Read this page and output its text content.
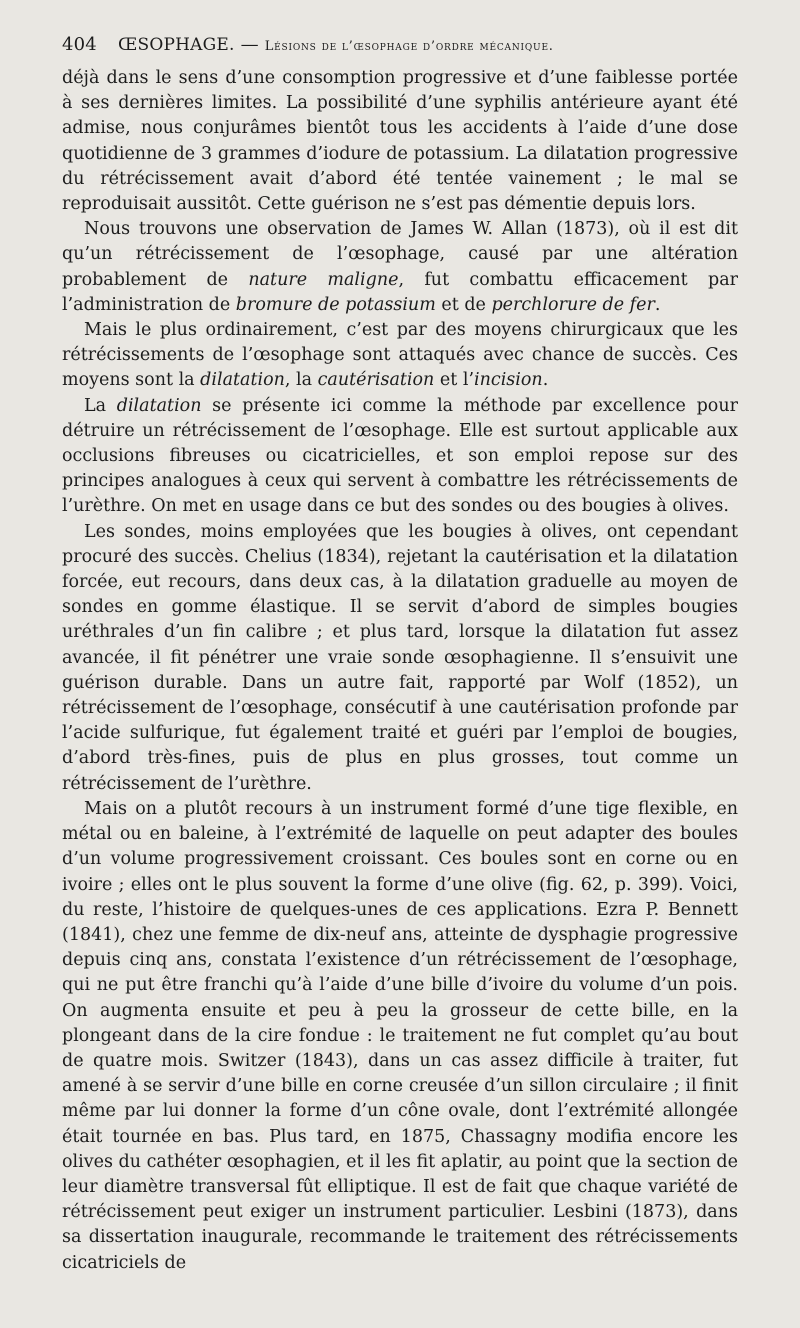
404 ŒSOPHAGE. — Lésions de l’œsophage d’ordre mécanique.

déjà dans le sens d’une consomption progressive et d’une faiblesse portée à ses dernières limites. La possibilité d’une syphilis antérieure ayant été admise, nous conjurâmes bientôt tous les accidents à l’aide d’une dose quotidienne de 3 grammes d’iodure de potassium. La dilatation progressive du rétrécissement avait d’abord été tentée vainement ; le mal se reproduisait aussitôt. Cette guérison ne s’est pas démentie depuis lors.

Nous trouvons une observation de James W. Allan (1873), où il est dit qu’un rétrécissement de l’œsophage, causé par une altération probablement de nature maligne, fut combattu efficacement par l’administration de bromure de potassium et de perchlorure de fer.

Mais le plus ordinairement, c’est par des moyens chirurgicaux que les rétrécissements de l’œsophage sont attaqués avec chance de succès. Ces moyens sont la dilatation, la cautérisation et l’incision.

La dilatation se présente ici comme la méthode par excellence pour détruire un rétrécissement de l’œsophage. Elle est surtout applicable aux occlusions fibreuses ou cicatricielles, et son emploi repose sur des principes analogues à ceux qui servent à combattre les rétrécissements de l’urèthre. On met en usage dans ce but des sondes ou des bougies à olives.

Les sondes, moins employées que les bougies à olives, ont cependant procuré des succès. Chelius (1834), rejetant la cautérisation et la dilatation forcée, eut recours, dans deux cas, à la dilatation graduelle au moyen de sondes en gomme élastique. Il se servit d’abord de simples bougies uréthrales d’un fin calibre ; et plus tard, lorsque la dilatation fut assez avancée, il fit pénétrer une vraie sonde œsophagienne. Il s’ensuivit une guérison durable. Dans un autre fait, rapporté par Wolf (1852), un rétrécissement de l’œsophage, consécutif à une cautérisation profonde par l’acide sulfurique, fut également traité et guéri par l’emploi de bougies, d’abord très-fines, puis de plus en plus grosses, tout comme un rétrécissement de l’urèthre.

Mais on a plutôt recours à un instrument formé d’une tige flexible, en métal ou en baleine, à l’extrémité de laquelle on peut adapter des boules d’un volume progressivement croissant. Ces boules sont en corne ou en ivoire ; elles ont le plus souvent la forme d’une olive (fig. 62, p. 399). Voici, du reste, l’histoire de quelques-unes de ces applications. Ezra P. Bennett (1841), chez une femme de dix-neuf ans, atteinte de dysphagie progressive depuis cinq ans, constata l’existence d’un rétrécissement de l’œsophage, qui ne put être franchi qu’à l’aide d’une bille d’ivoire du volume d’un pois. On augmenta ensuite et peu à peu la grosseur de cette bille, en la plongeant dans de la cire fondue : le traitement ne fut complet qu’au bout de quatre mois. Switzer (1843), dans un cas assez difficile à traiter, fut amené à se servir d’une bille en corne creusée d’un sillon circulaire ; il finit même par lui donner la forme d’un cône ovale, dont l’extrémité allongée était tournée en bas. Plus tard, en 1875, Chassagny modifia encore les olives du cathéter œsophagien, et il les fit aplatir, au point que la section de leur diamètre transversal fût elliptique. Il est de fait que chaque variété de rétrécissement peut exiger un instrument particulier. Lesbini (1873), dans sa dissertation inaugurale, recommande le traitement des rétrécissements cicatriciels de
